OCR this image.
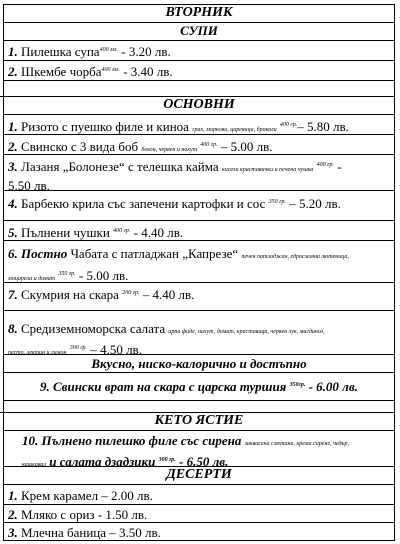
ВТОРНИК
СУПИ
1. Пилешка супа$^{400 мл.}$ - 3.20 лв.
2. Шкембе чорба$^{400 мл.}$ - 3.40 лв.
ОСНОВНИ
1. Ризото с пуешко филе и киноа грах, моркови, царевица, броколи $^{400 гр.}$– 5.80 лв.
2. Свинско с 3 вида боб бекон, червен и нахут $^{400 гр.}$ – 5.00 лв.
3. Лазаня „Болонезе“ с телешка кайма кисели краставички и печена чушка $^{400 гр.}$ -
5.50 лв.
4. Барбекю крила със запечени картофки и сос $^{350 гр.}$ – 5.20 лв.
5. Пълнени чушки $^{400 гр.}$ - 4.40 лв.
6. Постно Чабата с патладжан „Капрезе“ печен патладжан, едросмляна лютеница,
моцарела и домат $^{350 гр.}$ - 5.00 лв.
7. Скумрия на скара $^{200 гр.}$ – 4.40 лв.
8. Средиземноморска салата арпа фиде, нахут, домат, краставица, червен лук, магданоз,
песто, лектин и лимон $^{300 гр.}$ – 4.50 лв.
Вкусно, нискo-калорично и достъпно
9. Свински врат на скара с царска туршия $^{350гр.}$ - 6.00 лв.
КЕТО ЯСТИЕ
10. Пълнено пилешко филе със сирена заквасена сметана, крема сирене, чедър,
кашкавал и салата дзадзики $^{300 гр.}$ - 6.50 лв.
ДЕСЕРТИ
1. Крем карамел – 2.00 лв.
2. Мляко с ориз - 1.50 лв.
3. Млечна баница – 3.50 лв.
